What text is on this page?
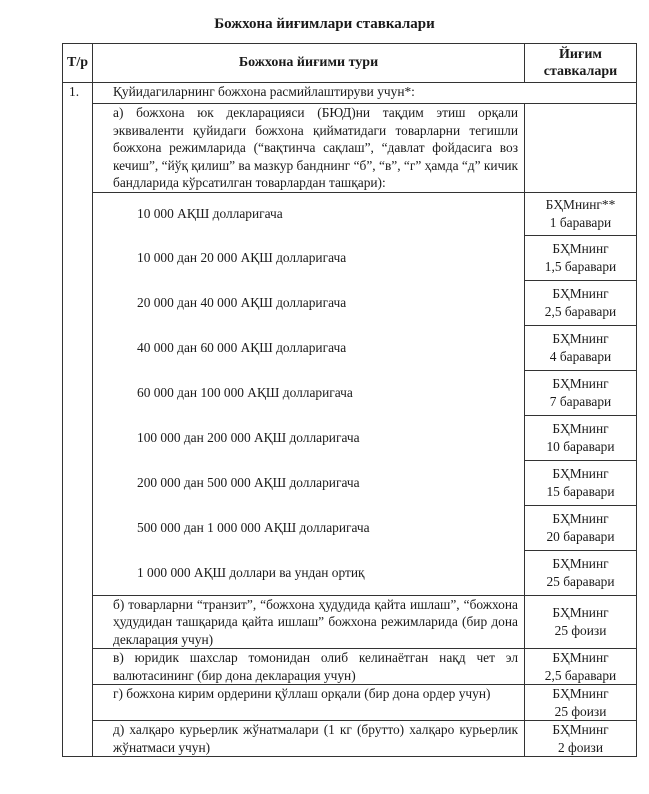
Божхона йиғимлари ставкалари
Т/р	Божхона йиғими тури	Йиғим
ставкалари

1.	Қуйидагиларнинг божхона расмийлаштируви учун*:	
	а) божхона юк декларацияси (БЮД)ни тақдим этиш орқали эквиваленти қуйидаги божхона қийматидаги товарларни тегишли божхона режимларида (“вақтинча сақлаш”, “давлат фойдасига воз кечиш”, “йўқ қилиш” ва мазкур банднинг “б”, “в”, “г” ҳамда “д” кичик бандларида кўрсатилган товарлардан ташқари):	
	10 000 АҚШ долларигача	БҲМнинг**
1 баравари

	10 000 дан 20 000 АҚШ долларигача	БҲМнинг
1,5 баравари

	20 000 дан 40 000 АҚШ долларигача	БҲМнинг
2,5 баравари

	40 000 дан 60 000 АҚШ долларигача	БҲМнинг
4 баравари

	60 000 дан 100 000 АҚШ долларигача	БҲМнинг
7 баравари

	100 000 дан 200 000 АҚШ долларигача	БҲМнинг
10 баравари

	200 000 дан 500 000 АҚШ долларигача	БҲМнинг
15 баравари

	500 000 дан 1 000 000 АҚШ долларигача	БҲМнинг
20 баравари

	1 000 000 АҚШ доллари ва ундан ортиқ	БҲМнинг
25 баравари

	б) товарларни “транзит”, “божхона ҳудудида қайта ишлаш”, “божхона ҳудудидан ташқарида қайта ишлаш” божхона режимларида (бир дона декларация учун)	БҲМнинг
25 фоизи

	в) юридик шахслар томонидан олиб келинаётган нақд чет эл валютасининг (бир дона декларация учун)	БҲМнинг
2,5 баравари

	г) божхона кирим ордерини қўллаш орқали (бир дона ордер учун)	БҲМнинг
25 фоизи

	д) халқаро курьерлик жўнатмалари (1 кг (брутто) халқаро курьерлик жўнатмаси учун)	БҲМнинг
2 фоизи
